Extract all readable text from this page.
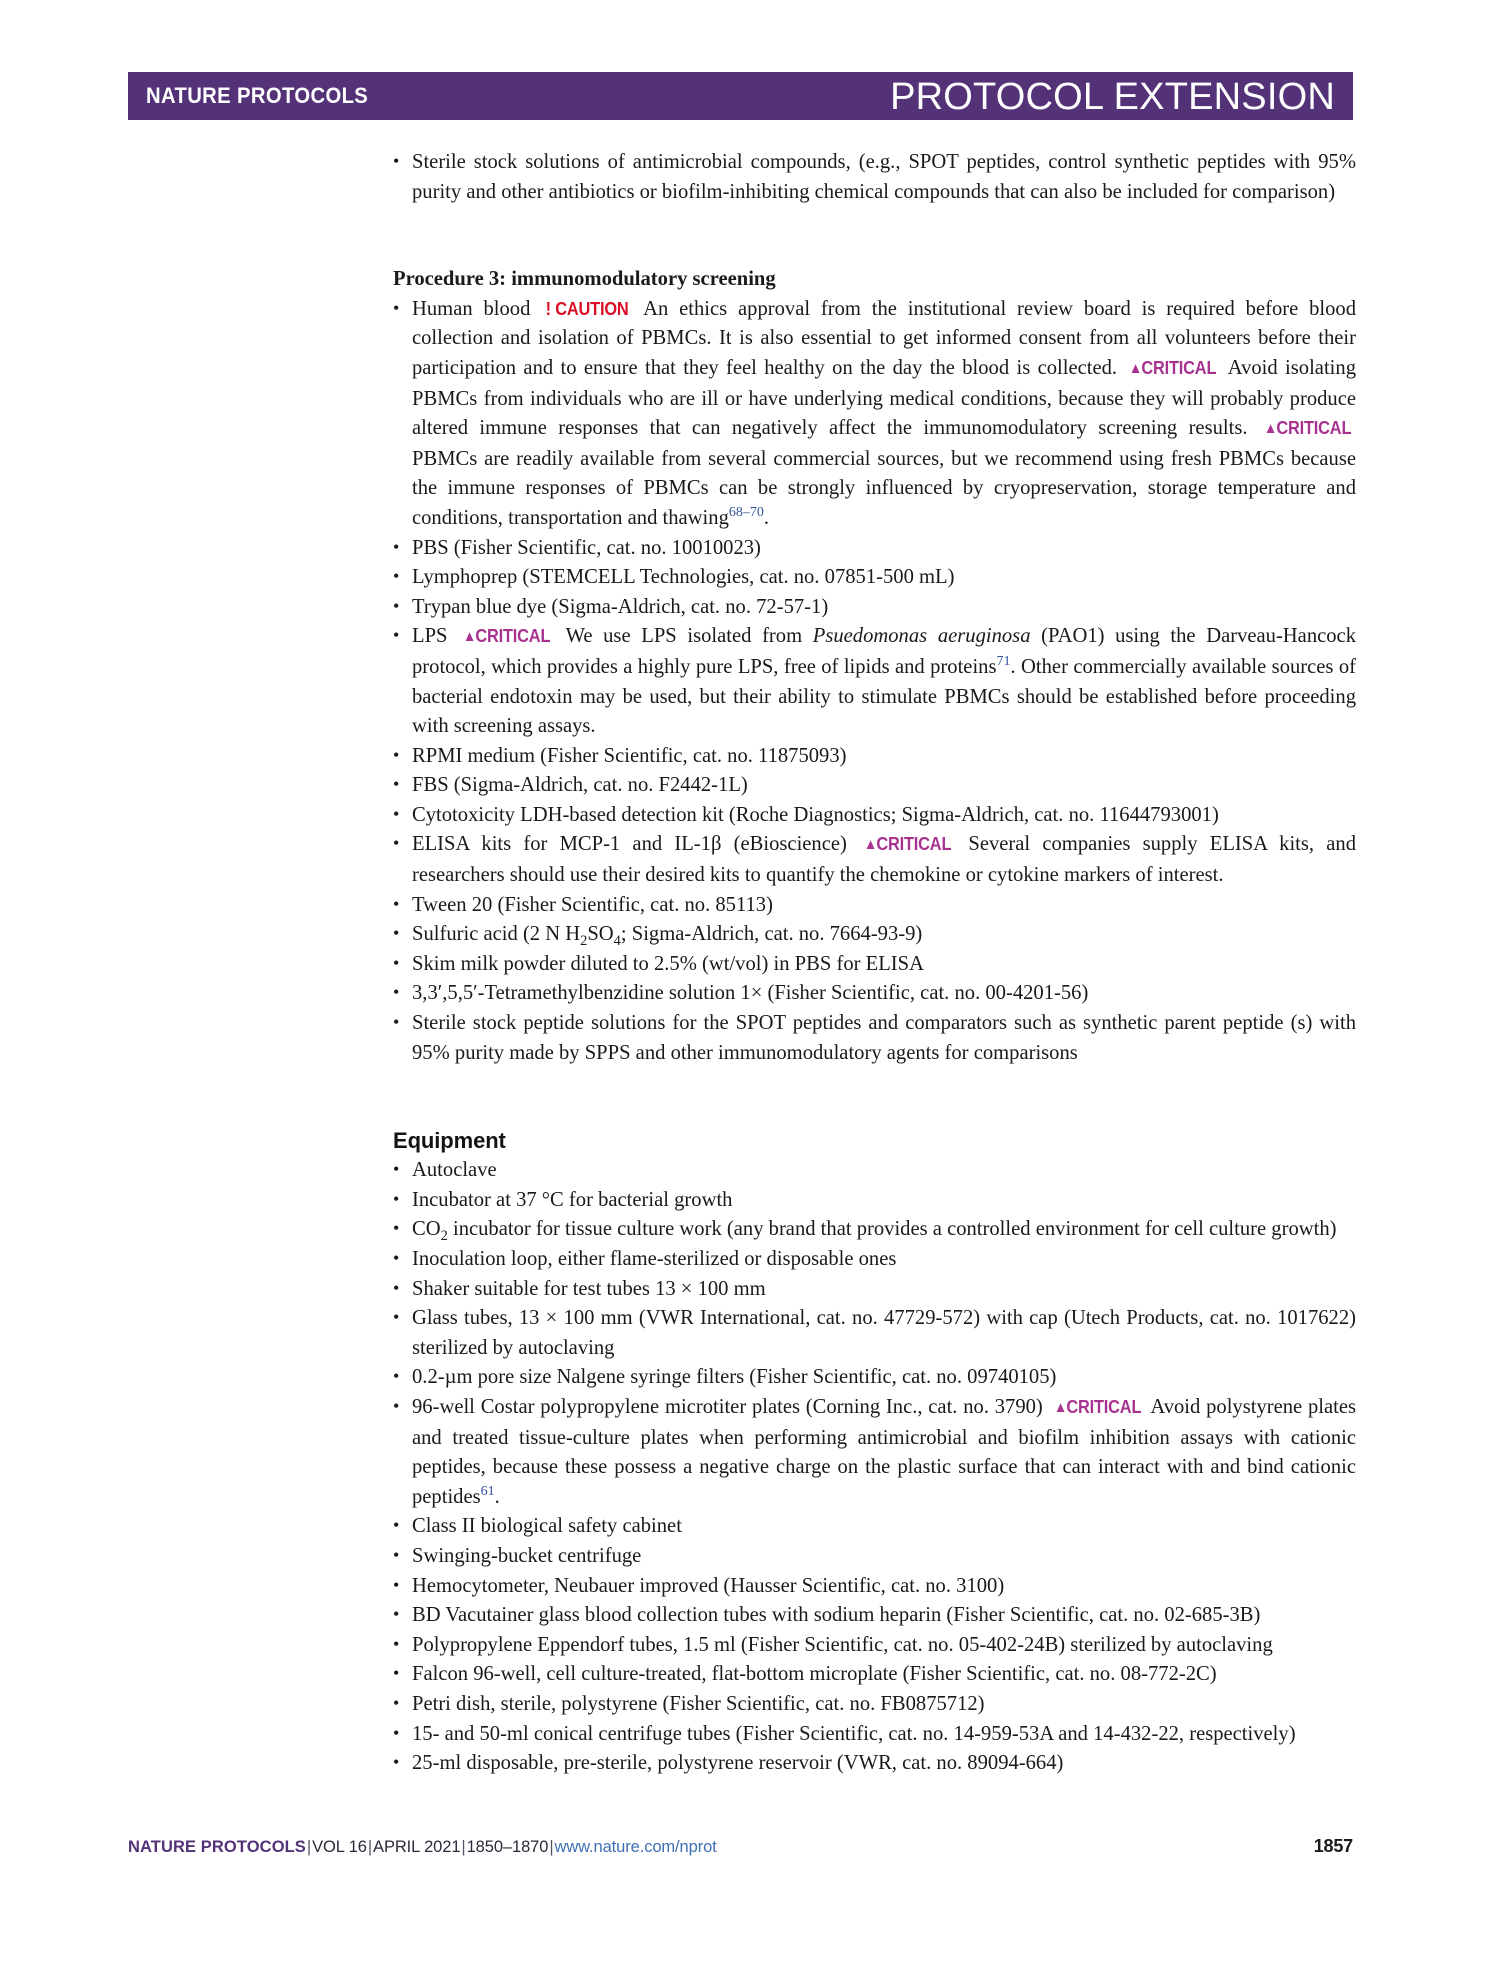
NATURE PROTOCOLS	PROTOCOL EXTENSION
• Sterile stock solutions of antimicrobial compounds, (e.g., SPOT peptides, control synthetic peptides with 95% purity and other antibiotics or biofilm-inhibiting chemical compounds that can also be included for comparison)
Procedure 3: immunomodulatory screening
• Human blood ! CAUTION An ethics approval from the institutional review board is required before blood collection and isolation of PBMCs. It is also essential to get informed consent from all volunteers before their participation and to ensure that they feel healthy on the day the blood is collected. ▲CRITICAL Avoid isolating PBMCs from individuals who are ill or have underlying medical conditions, because they will probably produce altered immune responses that can negatively affect the immunomodulatory screening results. ▲CRITICAL PBMCs are readily available from several commercial sources, but we recommend using fresh PBMCs because the immune responses of PBMCs can be strongly influenced by cryopreservation, storage temperature and conditions, transportation and thawing$^{68-70}$.
• PBS (Fisher Scientific, cat. no. 10010023)
• Lymphoprep (STEMCELL Technologies, cat. no. 07851-500 mL)
• Trypan blue dye (Sigma-Aldrich, cat. no. 72-57-1)
• LPS ▲CRITICAL We use LPS isolated from Psuedomonas aeruginosa (PAO1) using the Darveau-Hancock protocol, which provides a highly pure LPS, free of lipids and proteins$^{71}$. Other commercially available sources of bacterial endotoxin may be used, but their ability to stimulate PBMCs should be established before proceeding with screening assays.
• RPMI medium (Fisher Scientific, cat. no. 11875093)
• FBS (Sigma-Aldrich, cat. no. F2442-1L)
• Cytotoxicity LDH-based detection kit (Roche Diagnostics; Sigma-Aldrich, cat. no. 11644793001)
• ELISA kits for MCP-1 and IL-1β (eBioscience) ▲CRITICAL Several companies supply ELISA kits, and researchers should use their desired kits to quantify the chemokine or cytokine markers of interest.
• Tween 20 (Fisher Scientific, cat. no. 85113)
• Sulfuric acid (2 N $H_2SO_4$; Sigma-Aldrich, cat. no. 7664-93-9)
• Skim milk powder diluted to 2.5% (wt/vol) in PBS for ELISA
• 3,3′,5,5′-Tetramethylbenzidine solution 1× (Fisher Scientific, cat. no. 00-4201-56)
• Sterile stock peptide solutions for the SPOT peptides and comparators such as synthetic parent peptide (s) with 95% purity made by SPPS and other immunomodulatory agents for comparisons
Equipment
• Autoclave
• Incubator at 37 °C for bacterial growth
• $CO_2$ incubator for tissue culture work (any brand that provides a controlled environment for cell culture growth)
• Inoculation loop, either flame-sterilized or disposable ones
• Shaker suitable for test tubes 13 × 100 mm
• Glass tubes, 13 × 100 mm (VWR International, cat. no. 47729-572) with cap (Utech Products, cat. no. 1017622) sterilized by autoclaving
• 0.2-µm pore size Nalgene syringe filters (Fisher Scientific, cat. no. 09740105)
• 96-well Costar polypropylene microtiter plates (Corning Inc., cat. no. 3790) ▲CRITICAL Avoid polystyrene plates and treated tissue-culture plates when performing antimicrobial and biofilm inhibition assays with cationic peptides, because these possess a negative charge on the plastic surface that can interact with and bind cationic peptides$^{61}$.
• Class II biological safety cabinet
• Swinging-bucket centrifuge
• Hemocytometer, Neubauer improved (Hausser Scientific, cat. no. 3100)
• BD Vacutainer glass blood collection tubes with sodium heparin (Fisher Scientific, cat. no. 02-685-3B)
• Polypropylene Eppendorf tubes, 1.5 ml (Fisher Scientific, cat. no. 05-402-24B) sterilized by autoclaving
• Falcon 96-well, cell culture-treated, flat-bottom microplate (Fisher Scientific, cat. no. 08-772-2C)
• Petri dish, sterile, polystyrene (Fisher Scientific, cat. no. FB0875712)
• 15- and 50-ml conical centrifuge tubes (Fisher Scientific, cat. no. 14-959-53A and 14-432-22, respectively)
• 25-ml disposable, pre-sterile, polystyrene reservoir (VWR, cat. no. 89094-664)
NATURE PROTOCOLS|VOL 16|APRIL 2021|1850–1870|www.nature.com/nprot	1857
